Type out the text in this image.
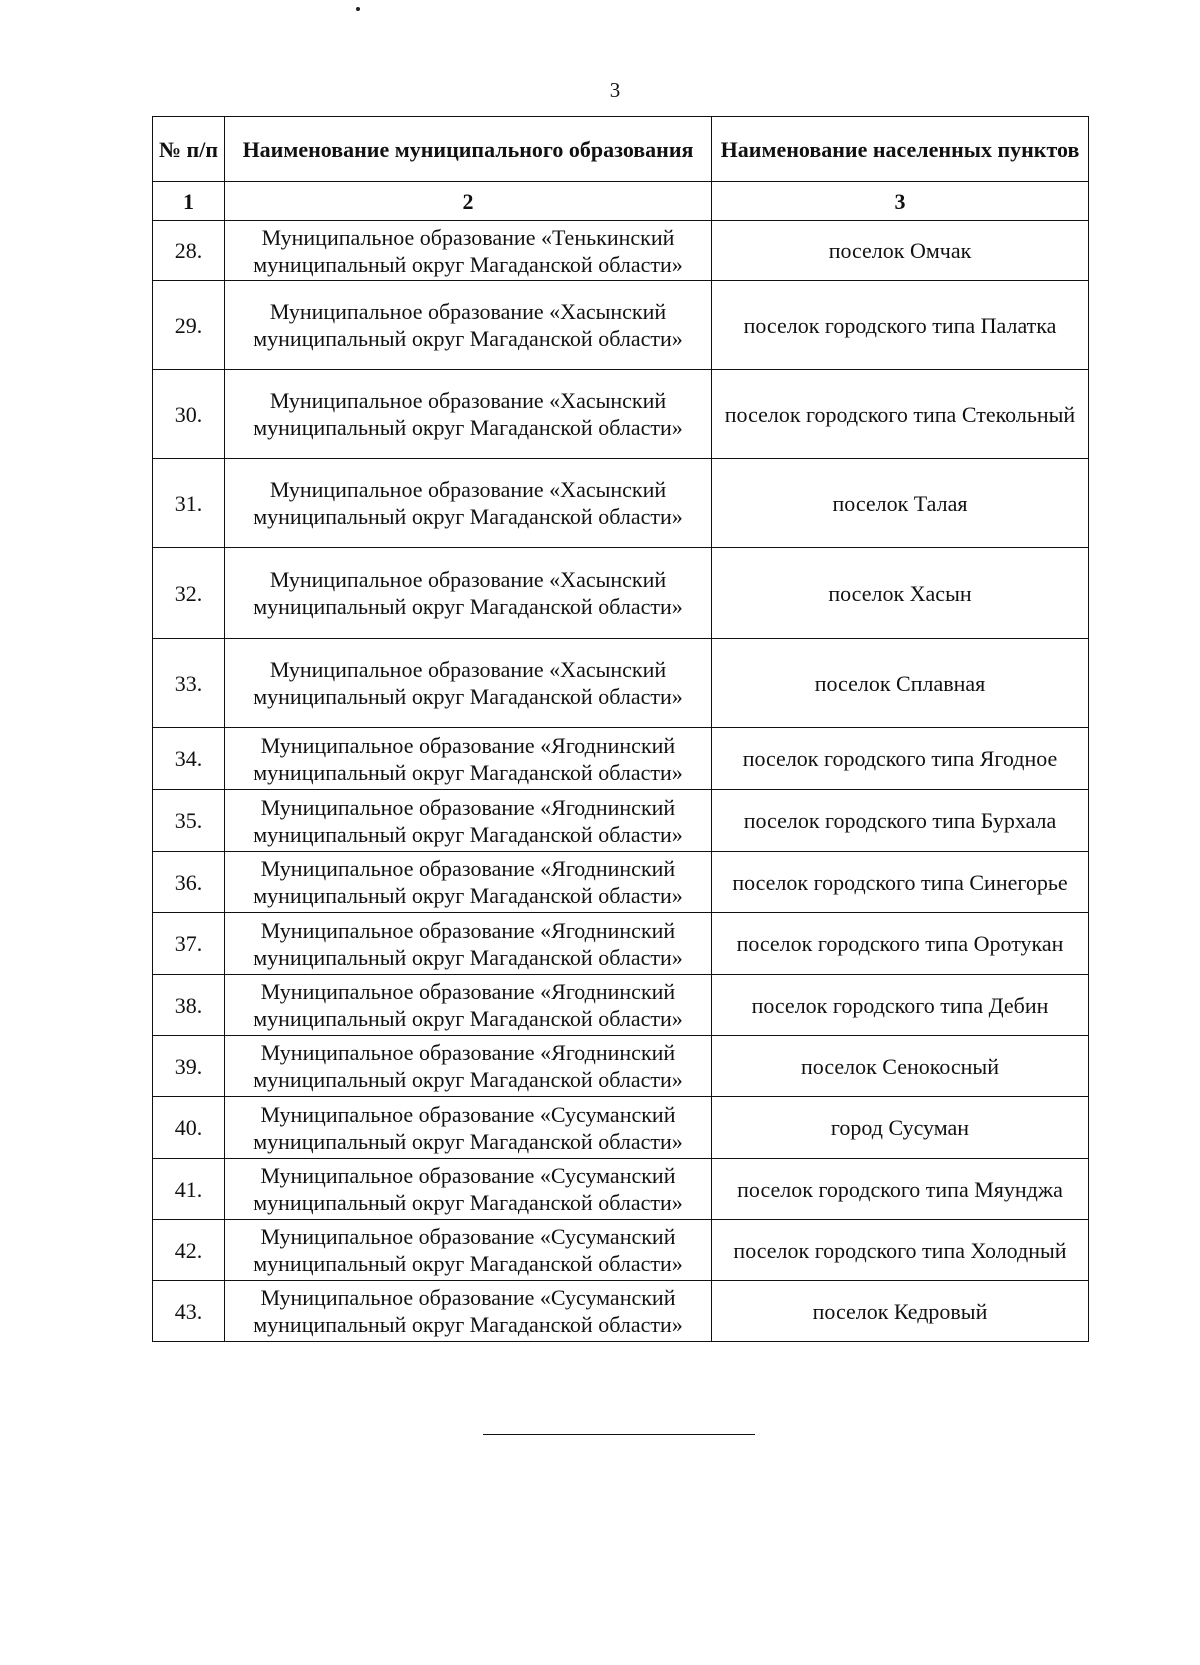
3
№ п/п	Наименование муниципального образования	Наименование населенных пунктов
1	2	3
28.	Муниципальное образование «Тенькинский муниципальный округ Магаданской области»	поселок Омчак
29.	Муниципальное образование «Хасынский муниципальный округ Магаданской области»	поселок городского типа Палатка
30.	Муниципальное образование «Хасынский муниципальный округ Магаданской области»	поселок городского типа Стекольный
31.	Муниципальное образование «Хасынский муниципальный округ Магаданской области»	поселок Талая
32.	Муниципальное образование «Хасынский муниципальный округ Магаданской области»	поселок Хасын
33.	Муниципальное образование «Хасынский муниципальный округ Магаданской области»	поселок Сплавная
34.	Муниципальное образование «Ягоднинский муниципальный округ Магаданской области»	поселок городского типа Ягодное
35.	Муниципальное образование «Ягоднинский муниципальный округ Магаданской области»	поселок городского типа Бурхала
36.	Муниципальное образование «Ягоднинский муниципальный округ Магаданской области»	поселок городского типа Синегорье
37.	Муниципальное образование «Ягоднинский муниципальный округ Магаданской области»	поселок городского типа Оротукан
38.	Муниципальное образование «Ягоднинский муниципальный округ Магаданской области»	поселок городского типа Дебин
39.	Муниципальное образование «Ягоднинский муниципальный округ Магаданской области»	поселок Сенокосный
40.	Муниципальное образование «Сусуманский муниципальный округ Магаданской области»	город Сусуман
41.	Муниципальное образование «Сусуманский муниципальный округ Магаданской области»	поселок городского типа Мяунджа
42.	Муниципальное образование «Сусуманский муниципальный округ Магаданской области»	поселок городского типа Холодный
43.	Муниципальное образование «Сусуманский муниципальный округ Магаданской области»	поселок Кедровый
